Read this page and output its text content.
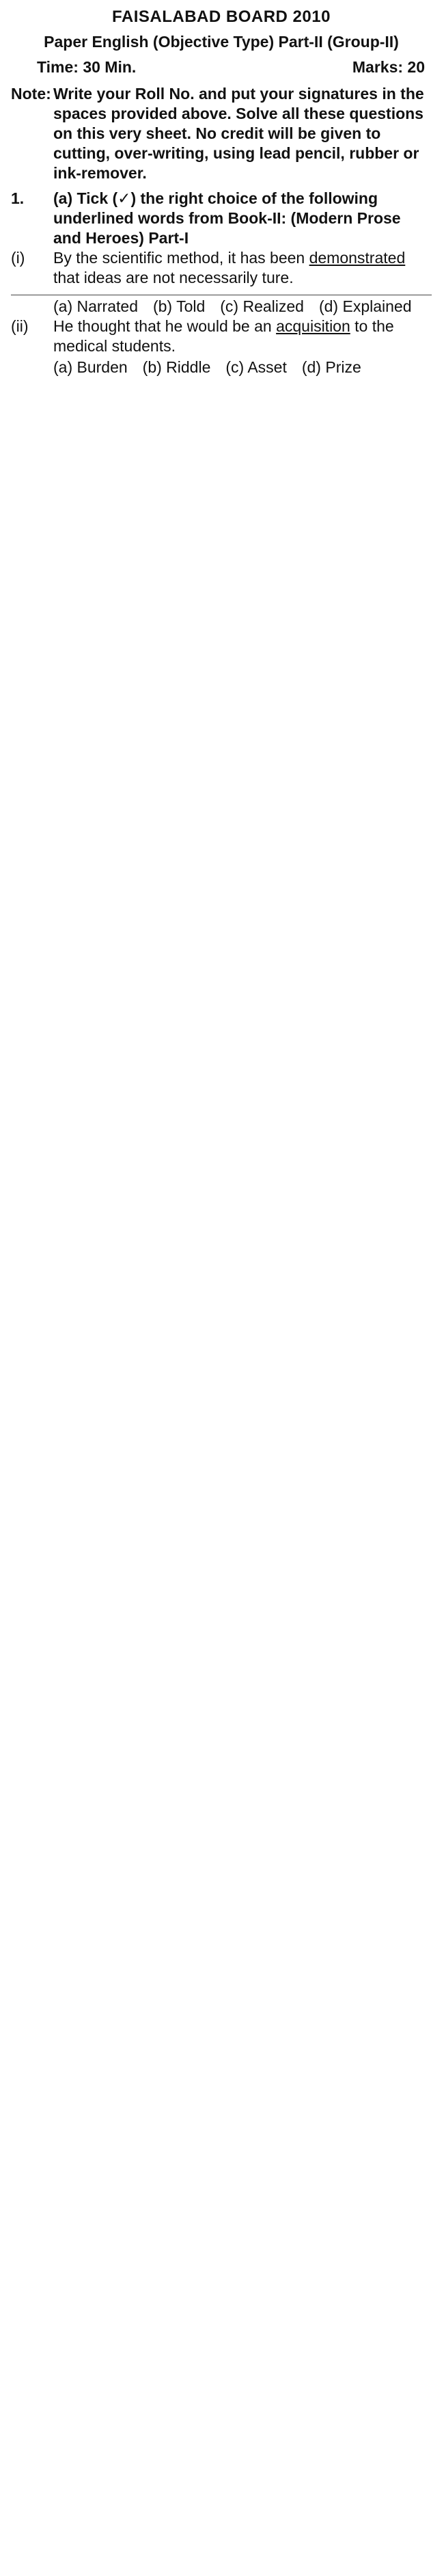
FAISALABAD BOARD 2010
Paper English (Objective Type) Part-II (Group-II)
Time: 30 Min.	Marks: 20
Note: Write your Roll No. and put your signatures in the spaces provided above. Solve all these questions on this very sheet. No credit will be given to cutting, over-writing, using lead pencil, rubber or ink-remover.
1.	(a) Tick (✓) the right choice of the following underlined words from Book-II: (Modern Prose and Heroes) Part-I
(i)	By the scientific method, it has been demonstrated that ideas are not necessarily ture.
(a) Narrated (b) Told (c) Realized (d) Explained
(ii)	He thought that he would be an acquisition to the medical students.
(a) Burden (b) Riddle (c) Asset (d) Prize
